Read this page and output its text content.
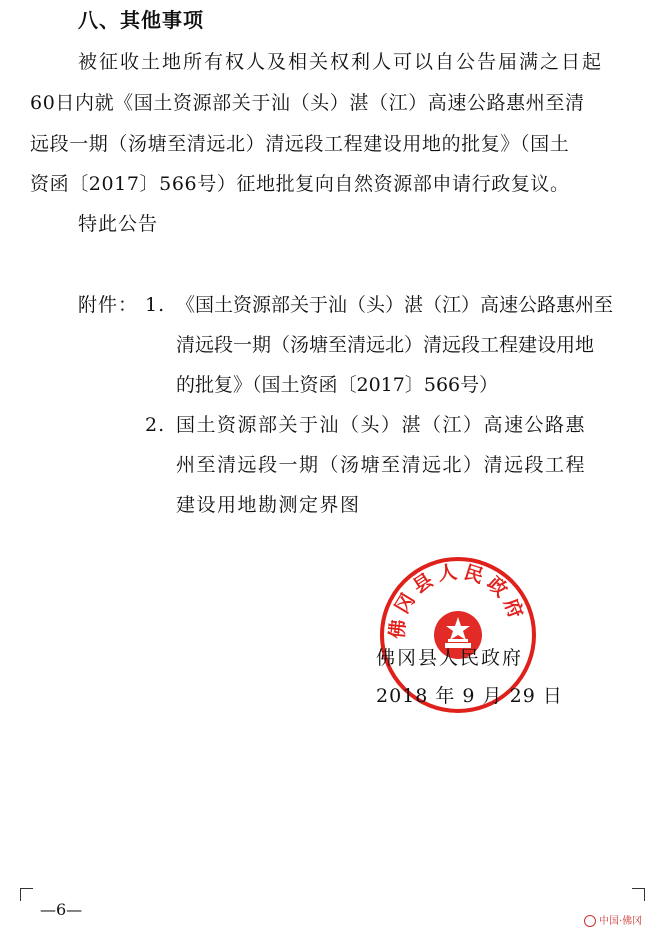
八、其他事项
被征收土地所有权人及相关权利人可以自公告届满之日起
60日内就《国土资源部关于汕（头）湛（江）高速公路惠州至清
远段一期（汤塘至清远北）清远段工程建设用地的批复》（国土
资函〔2017〕566号）征地批复向自然资源部申请行政复议。
特此公告
附件： 1. 《国土资源部关于汕（头）湛（江）高速公路惠州至
清远段一期（汤塘至清远北）清远段工程建设用地
的批复》（国土资函〔2017〕566号）
2. 国土资源部关于汕（头）湛（江）高速公路惠
州至清远段一期（汤塘至清远北）清远段工程
建设用地勘测定界图
佛冈县人民政府
佛冈县人民政府
2018 年 9 月 29 日
—6—
中国·佛冈
